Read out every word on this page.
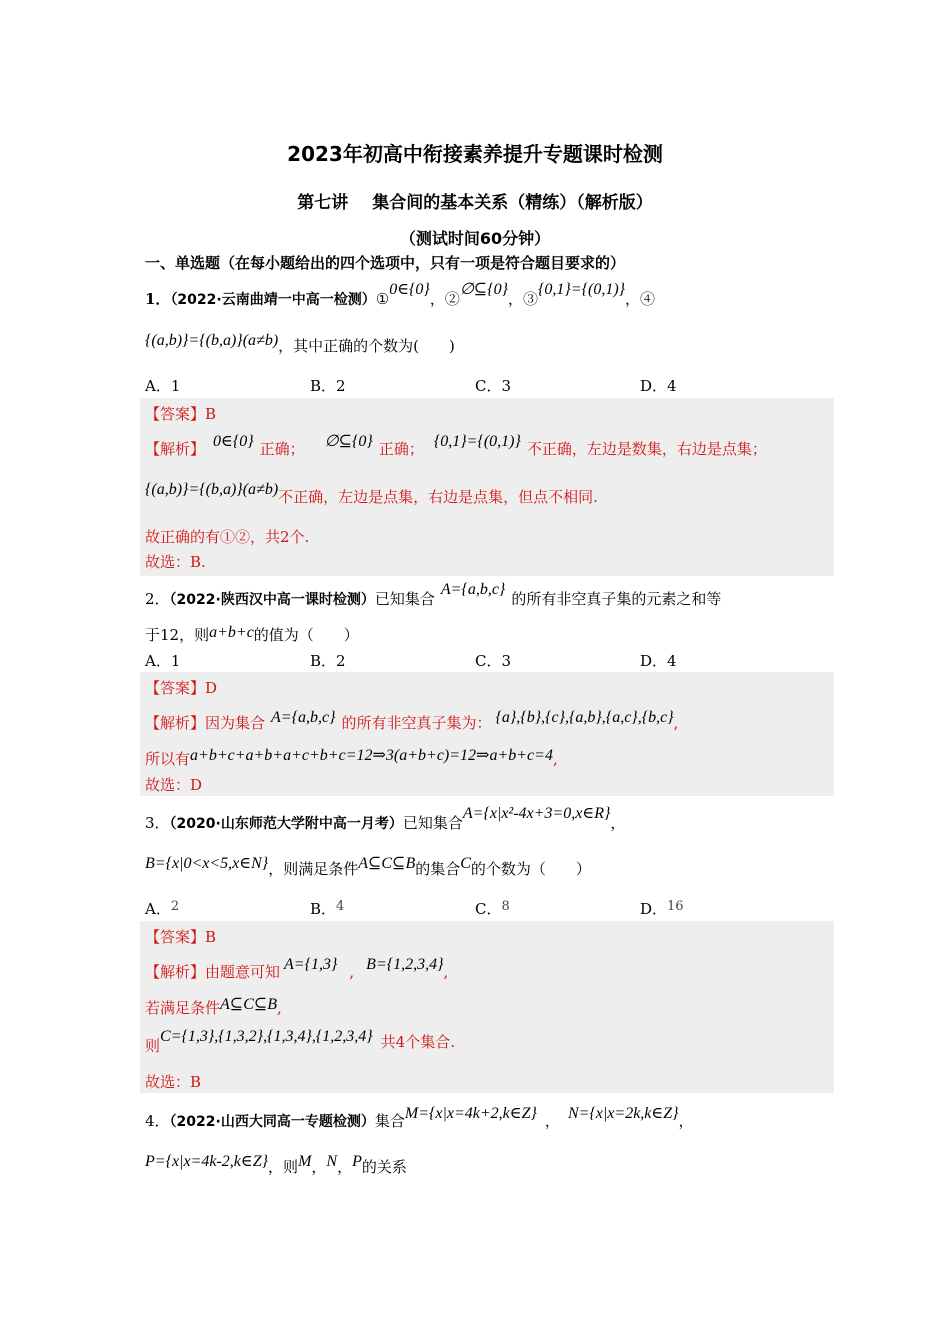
2023年初高中衔接素养提升专题课时检测
第七讲 集合间的基本关系（精练）（解析版）
（测试时间60分钟）
一、单选题（在每小题给出的四个选项中，只有一项是符合题目要求的）
1．（2022·云南曲靖一中高一检测）①0∈{0}，②∅⊆{0}，③{0,1}={(0,1)}，④
{(a,b)}={(b,a)}(a≠b)，其中正确的个数为(　　)
A．1	B．2	C．3	D．4
【答案】B
【解析】 0∈{0} 正确； ∅⊆{0} 正确； {0,1}={(0,1)} 不正确，左边是数集，右边是点集；
{(a,b)}={(b,a)}(a≠b)不正确，左边是点集，右边是点集，但点不相同.
故正确的有①②，共2个.
故选：B.
2．（2022·陕西汉中高一课时检测）已知集合A={a,b,c}的所有非空真子集的元素之和等
于12，则a+b+c的值为（　　）
A．1	B．2	C．3	D．4
【答案】D
【解析】因为集合 A={a,b,c} 的所有非空真子集为： {a},{b},{c},{a,b},{a,c},{b,c},
所以有a+b+c+a+b+a+c+b+c=12⇒3(a+b+c)=12⇒a+b+c=4,
故选：D
3．（2020·山东师范大学附中高一月考）已知集合A={x|x²-4x+3=0,x∈R}，
B={x|0<x<5,x∈N}，则满足条件A⊆C⊆B的集合C的个数为（　　）
A．2	B．4	C．8	D．16
【答案】B
【解析】由题意可知 A={1,3} , B={1,2,3,4},
若满足条件A⊆C⊆B,
则C={1,3},{1,3,2},{1,3,4},{1,2,3,4} 共4个集合.
故选：B
4．（2022·山西大同高一专题检测）集合M={x|x=4k+2,k∈Z} ， N={x|x=2k,k∈Z}，
P={x|x=4k-2,k∈Z}，则M，N，P的关系
